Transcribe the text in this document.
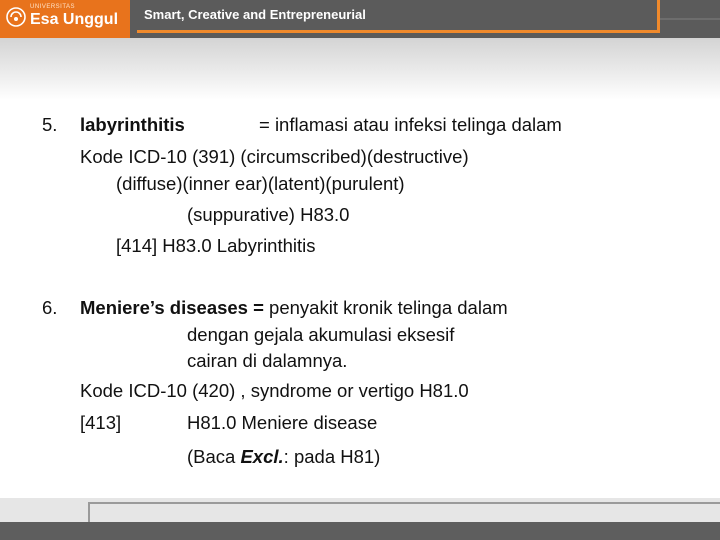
UNIVERSITAS
Esa Unggul Smart, Creative and Entrepreneurial
5. labyrinthitis	= inflamasi atau infeksi telinga dalam
Kode ICD-10 (391) (circumscribed)(destructive)
(diffuse)(inner ear)(latent)(purulent)
(suppurative) H83.0
[414] H83.0 Labyrinthitis
6. Meniere’s diseases = penyakit kronik telinga dalam
dengan gejala akumulasi eksesif
cairan di dalamnya.
Kode ICD-10 (420) , syndrome or vertigo H81.0
[413]	H81.0 Meniere disease
(Baca Excl.: pada H81)
